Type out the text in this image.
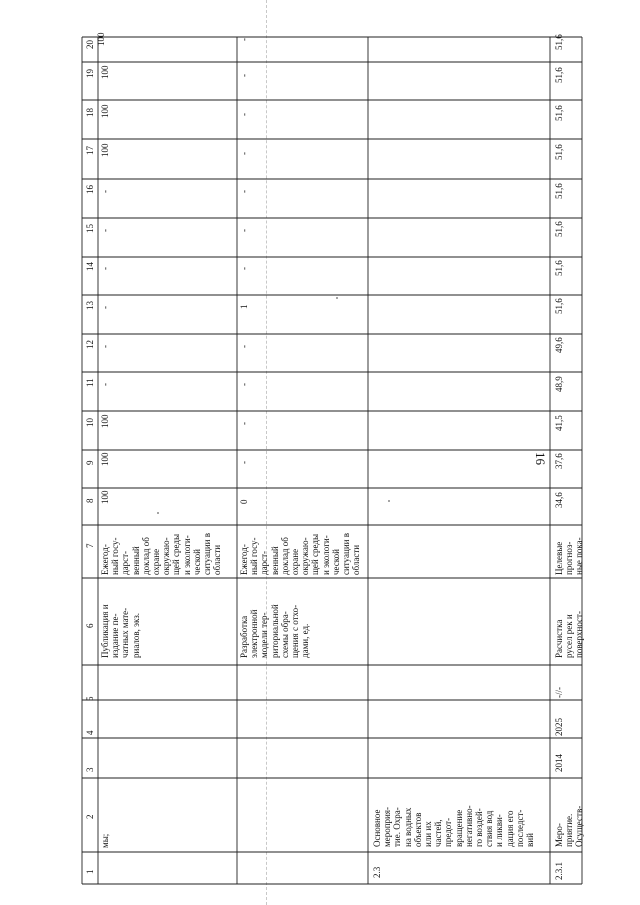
16
1
2
3
4
5
6
7
8
9
10
11
12
13
14
15
16
17
18
19
20
мы;
Публикация и
издание пе-
чатных мате-
риалов, экз.
Ежегод-
ный госу-
дарст-
венный
доклад об
охране
окружаю-
щей среды
и экологи-
ческой
ситуации в
области
100
100
100
-
-
-
-
-
-
100
100
100
100
Разработка
электронной
модели тер-
риториальной
схемы обра-
щения с отхо-
дами, ед.
Ежегод-
ный госу-
дарст-
венный
доклад об
охране
окружаю-
щей среды
и экологи-
ческой
ситуации в
области
0
-
-
-
-
1
-
-
-
-
-
-
-
2.3
Основное
мероприя-
тие. Охра-
на водных
объектов
или их
частей,
предот-
вращение
негативно-
го воздей-
ствия вод
и ликви-
дация его
последст-
вий
2.3.1
Меро-
приятие.
Осуществ-
2014
2025
-//-
Расчистка
русел рек и
поверхност-
Целевые
прогноз-
ные пока-
34,6
37,6
41,5
48,9
49,6
51,6
51,6
51,6
51,6
51,6
51,6
51,6
51,6
